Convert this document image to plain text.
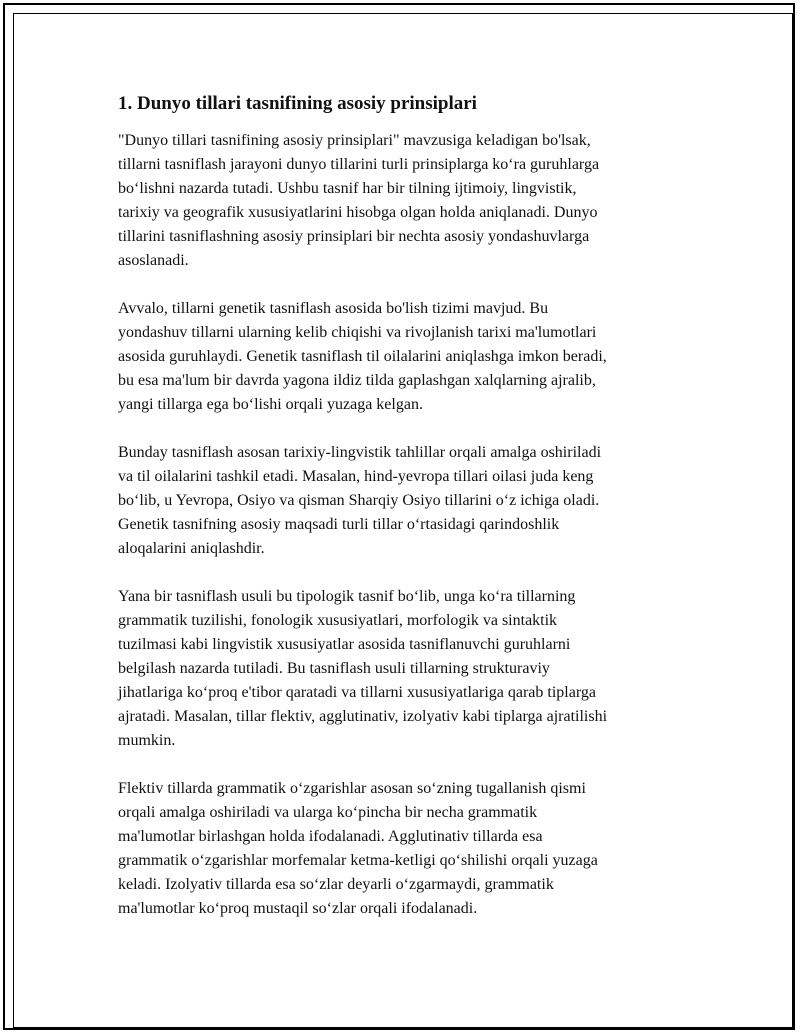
1. Dunyo tillari tasnifining asosiy prinsiplari

"Dunyo tillari tasnifining asosiy prinsiplari" mavzusiga keladigan bo'lsak,
tillarni tasniflash jarayoni dunyo tillarini turli prinsiplarga ko‘ra guruhlarga
bo‘lishni nazarda tutadi. Ushbu tasnif har bir tilning ijtimoiy, lingvistik,
tarixiy va geografik xususiyatlarini hisobga olgan holda aniqlanadi. Dunyo
tillarini tasniflashning asosiy prinsiplari bir nechta asosiy yondashuvlarga
asoslanadi.

Avvalo, tillarni genetik tasniflash asosida bo'lish tizimi mavjud. Bu
yondashuv tillarni ularning kelib chiqishi va rivojlanish tarixi ma'lumotlari
asosida guruhlaydi. Genetik tasniflash til oilalarini aniqlashga imkon beradi,
bu esa ma'lum bir davrda yagona ildiz tilda gaplashgan xalqlarning ajralib,
yangi tillarga ega bo‘lishi orqali yuzaga kelgan.

Bunday tasniflash asosan tarixiy-lingvistik tahlillar orqali amalga oshiriladi
va til oilalarini tashkil etadi. Masalan, hind-yevropa tillari oilasi juda keng
bo‘lib, u Yevropa, Osiyo va qisman Sharqiy Osiyo tillarini o‘z ichiga oladi.
Genetik tasnifning asosiy maqsadi turli tillar o‘rtasidagi qarindoshlik
aloqalarini aniqlashdir.

Yana bir tasniflash usuli bu tipologik tasnif bo‘lib, unga ko‘ra tillarning
grammatik tuzilishi, fonologik xususiyatlari, morfologik va sintaktik
tuzilmasi kabi lingvistik xususiyatlar asosida tasniflanuvchi guruhlarni
belgilash nazarda tutiladi. Bu tasniflash usuli tillarning strukturaviy
jihatlariga ko‘proq e'tibor qaratadi va tillarni xususiyatlariga qarab tiplarga
ajratadi. Masalan, tillar flektiv, agglutinativ, izolyativ kabi tiplarga ajratilishi
mumkin.

Flektiv tillarda grammatik o‘zgarishlar asosan so‘zning tugallanish qismi
orqali amalga oshiriladi va ularga ko‘pincha bir necha grammatik
ma'lumotlar birlashgan holda ifodalanadi. Agglutinativ tillarda esa
grammatik o‘zgarishlar morfemalar ketma-ketligi qo‘shilishi orqali yuzaga
keladi. Izolyativ tillarda esa so‘zlar deyarli o‘zgarmaydi, grammatik
ma'lumotlar ko‘proq mustaqil so‘zlar orqali ifodalanadi.
